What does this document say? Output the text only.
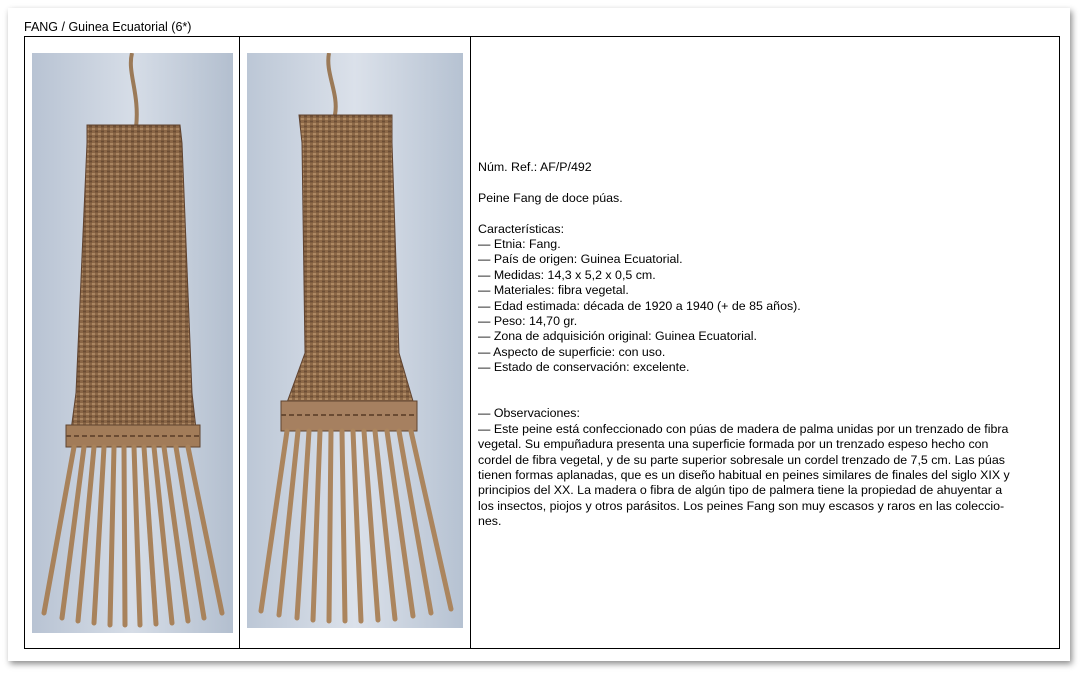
FANG / Guinea Ecuatorial (6*)

Núm. Ref.: AF/P/492

Peine Fang de doce púas.

Características:

— Etnia: Fang.

— País de origen: Guinea Ecuatorial.

— Medidas: 14,3 x 5,2 x 0,5 cm.

— Materiales: fibra vegetal.

— Edad estimada: década de 1920 a 1940 (+ de 85 años).

— Peso: 14,70 gr.

— Zona de adquisición original: Guinea Ecuatorial.

— Aspecto de superficie: con uso.

— Estado de conservación: excelente.

— Observaciones:

— Este peine está confeccionado con púas de madera de palma unidas por un trenzado de fibra

vegetal. Su empuñadura presenta una superficie formada por un trenzado espeso hecho con

cordel de fibra vegetal, y de su parte superior sobresale un cordel trenzado de 7,5 cm. Las púas

tienen formas aplanadas, que es un diseño habitual en peines similares de finales del siglo XIX y

principios del XX. La madera o fibra de algún tipo de palmera tiene la propiedad de ahuyentar a

los insectos, piojos y otros parásitos. Los peines Fang son muy escasos y raros en las coleccio-

nes.
